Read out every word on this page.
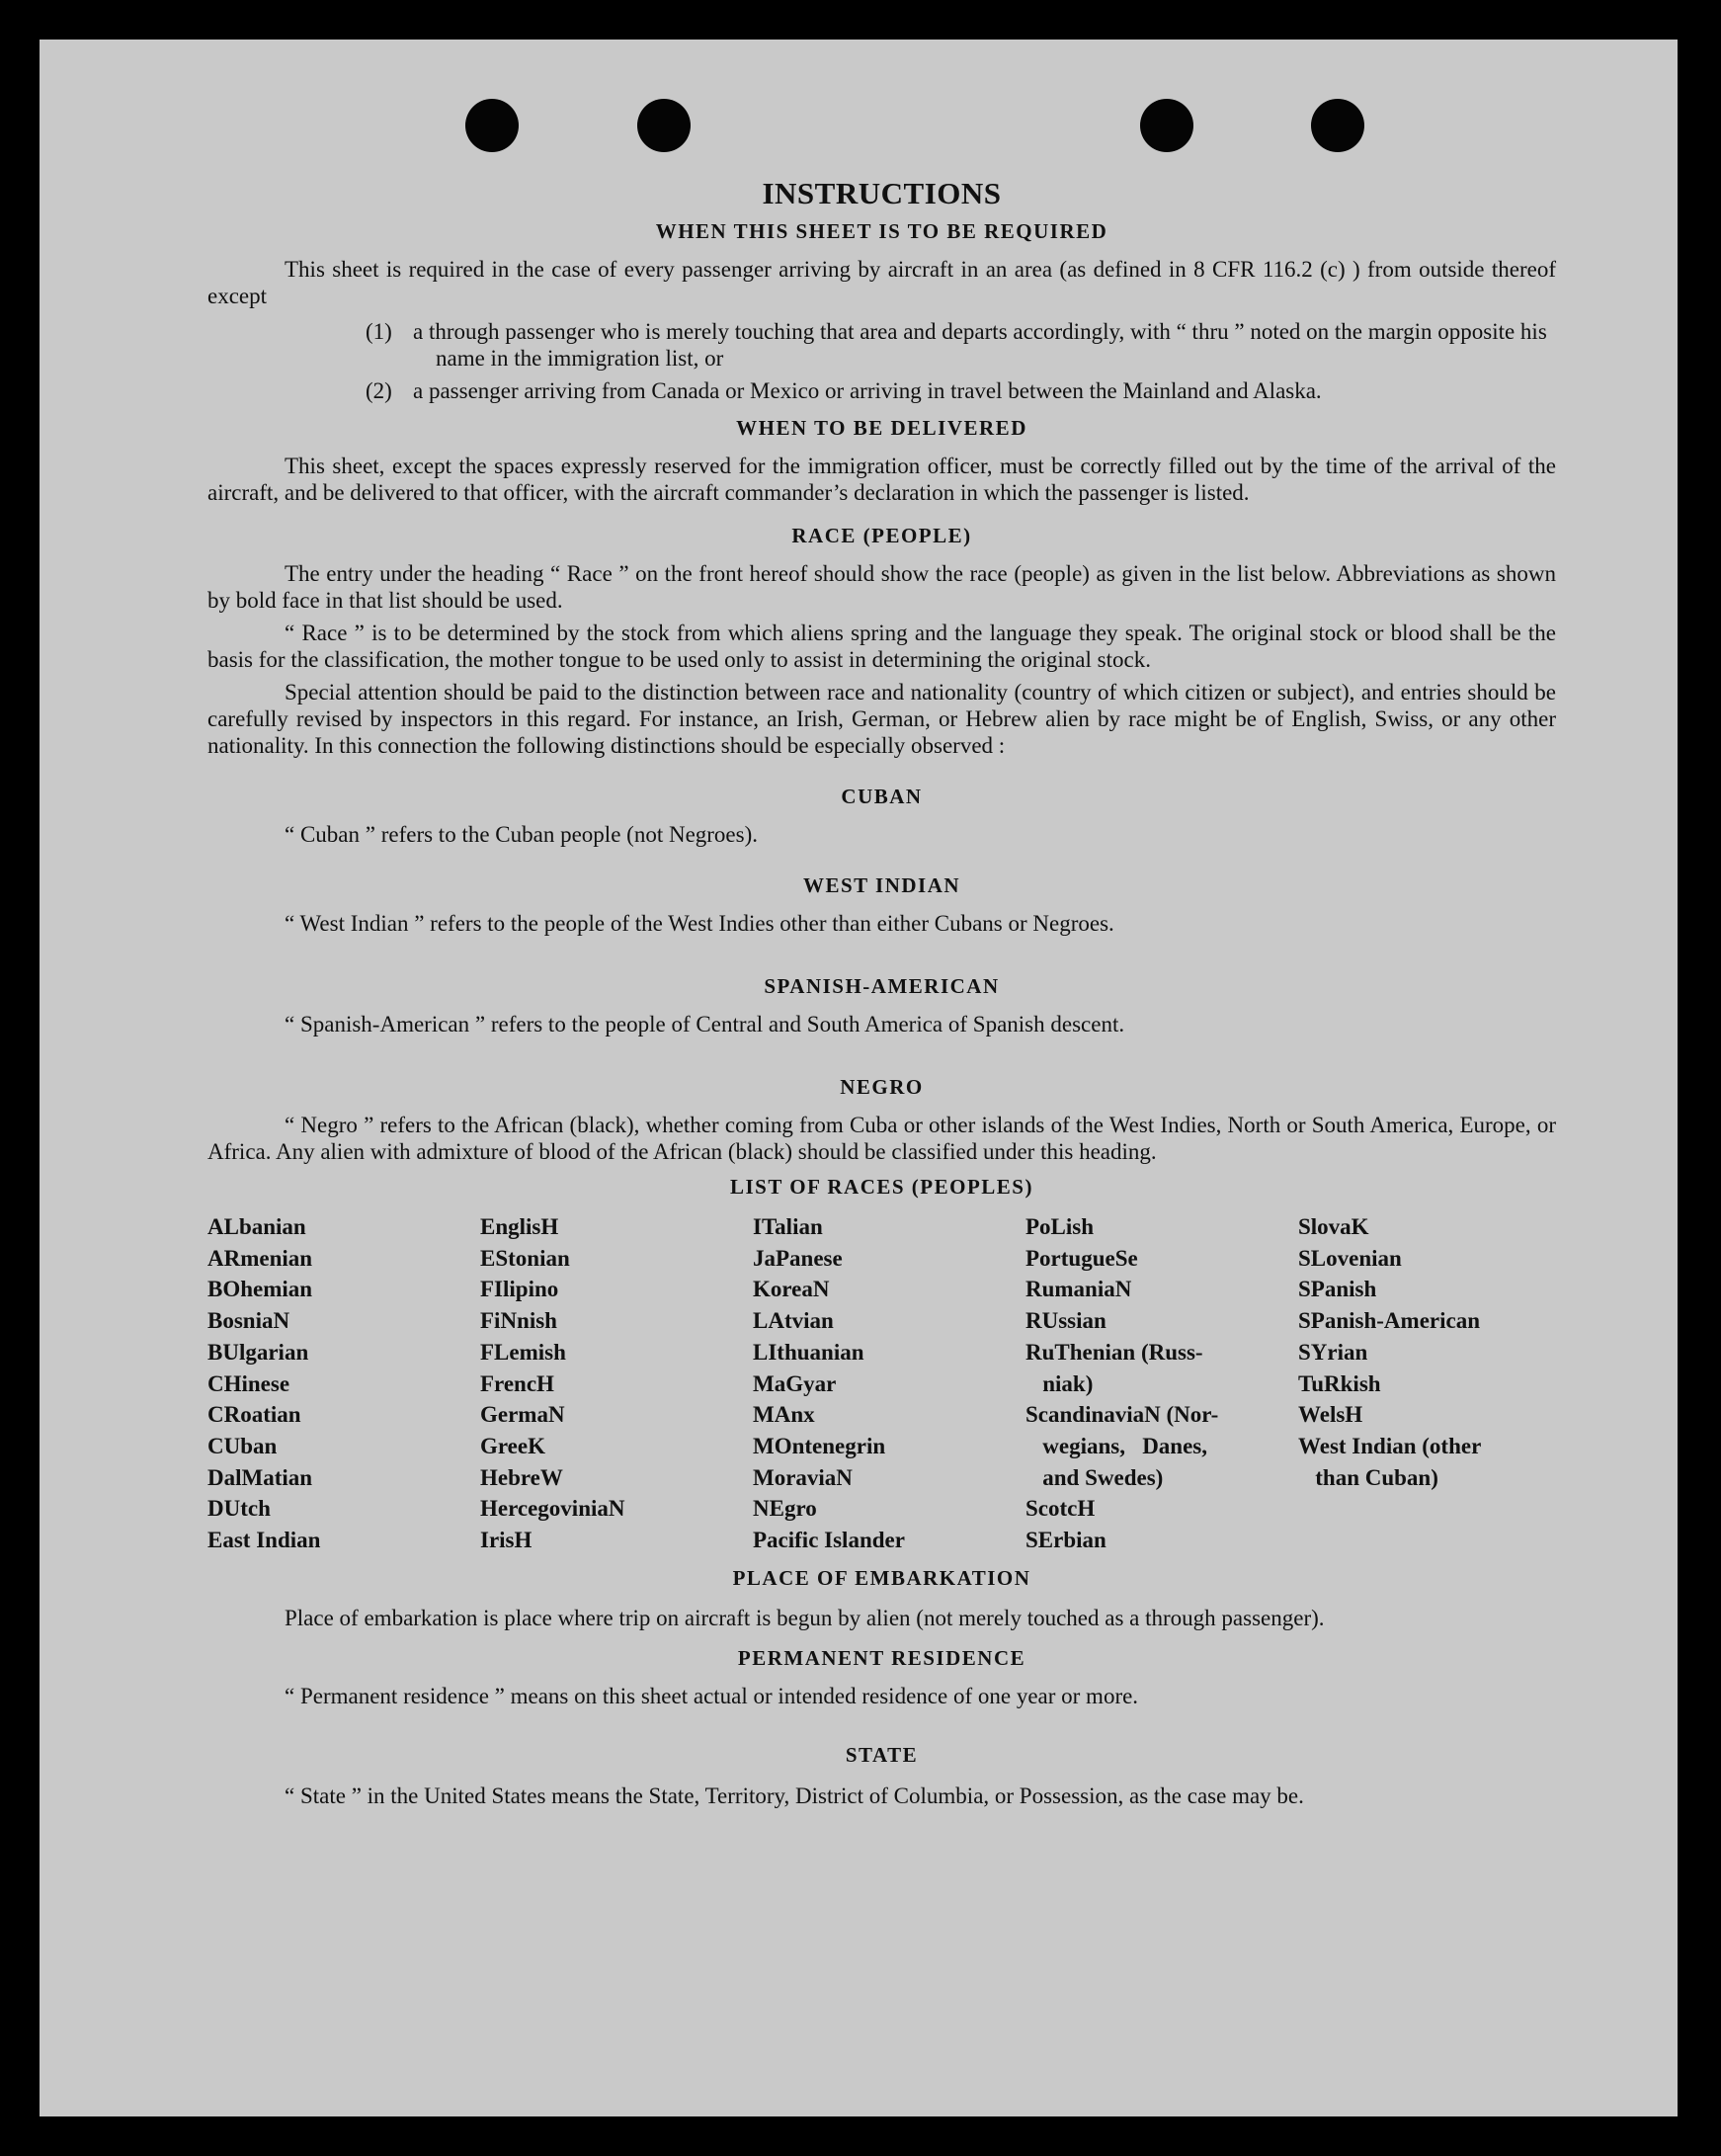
INSTRUCTIONS
WHEN THIS SHEET IS TO BE REQUIRED

This sheet is required in the case of every passenger arriving by aircraft in an area (as defined in 8 CFR 116.2 (c) ) from outside thereof except

(1) a through passenger who is merely touching that area and departs accordingly, with “ thru ” noted on the margin opposite his name in the immigration list, or
(2) a passenger arriving from Canada or Mexico or arriving in travel between the Mainland and Alaska.
WHEN TO BE DELIVERED

This sheet, except the spaces expressly reserved for the immigration officer, must be correctly filled out by the time of the arrival of the aircraft, and be delivered to that officer, with the aircraft commander’s declaration in which the passenger is listed.

RACE (PEOPLE)

The entry under the heading “ Race ” on the front hereof should show the race (people) as given in the list below. Abbreviations as shown by bold face in that list should be used.

“ Race ” is to be determined by the stock from which aliens spring and the language they speak. The original stock or blood shall be the basis for the classification, the mother tongue to be used only to assist in determining the original stock.

Special attention should be paid to the distinction between race and nationality (country of which citizen or subject), and entries should be carefully revised by inspectors in this regard. For instance, an Irish, German, or Hebrew alien by race might be of English, Swiss, or any other nationality. In this connection the following distinctions should be especially observed :

CUBAN

“ Cuban ” refers to the Cuban people (not Negroes).

WEST INDIAN

“ West Indian ” refers to the people of the West Indies other than either Cubans or Negroes.

SPANISH-AMERICAN

“ Spanish-American ” refers to the people of Central and South America of Spanish descent.

NEGRO

“ Negro ” refers to the African (black), whether coming from Cuba or other islands of the West Indies, North or South America, Europe, or Africa. Any alien with admixture of blood of the African (black) should be classified under this heading.

LIST OF RACES (PEOPLES)
ALbanian
ARmenian
BOhemian
BosniaN
BUlgarian
CHinese
CRoatian
CUban
DalMatian
DUtch
East Indian
EnglisH
EStonian
FIlipino
FiNnish
FLemish
FrencH
GermaN
GreeK
HebreW
HercegoviniaN
IrisH
ITalian
JaPanese
KoreaN
LAtvian
LIthuanian
MaGyar
MAnx
MOntenegrin
MoraviaN
NEgro
Pacific Islander
PoLish
PortugueSe
RumaniaN
RUssian
RuThenian (Russ-
niak)
ScandinaviaN (Nor-
wegians,   Danes,
and Swedes)
ScotcH
SErbian
SlovaK
SLovenian
SPanish
SPanish-American
SYrian
TuRkish
WelsH
West Indian (other
than Cuban)
PLACE OF EMBARKATION

Place of embarkation is place where trip on aircraft is begun by alien (not merely touched as a through passenger).

PERMANENT RESIDENCE

“ Permanent residence ” means on this sheet actual or intended residence of one year or more.

STATE

“ State ” in the United States means the State, Territory, District of Columbia, or Possession, as the case may be.
